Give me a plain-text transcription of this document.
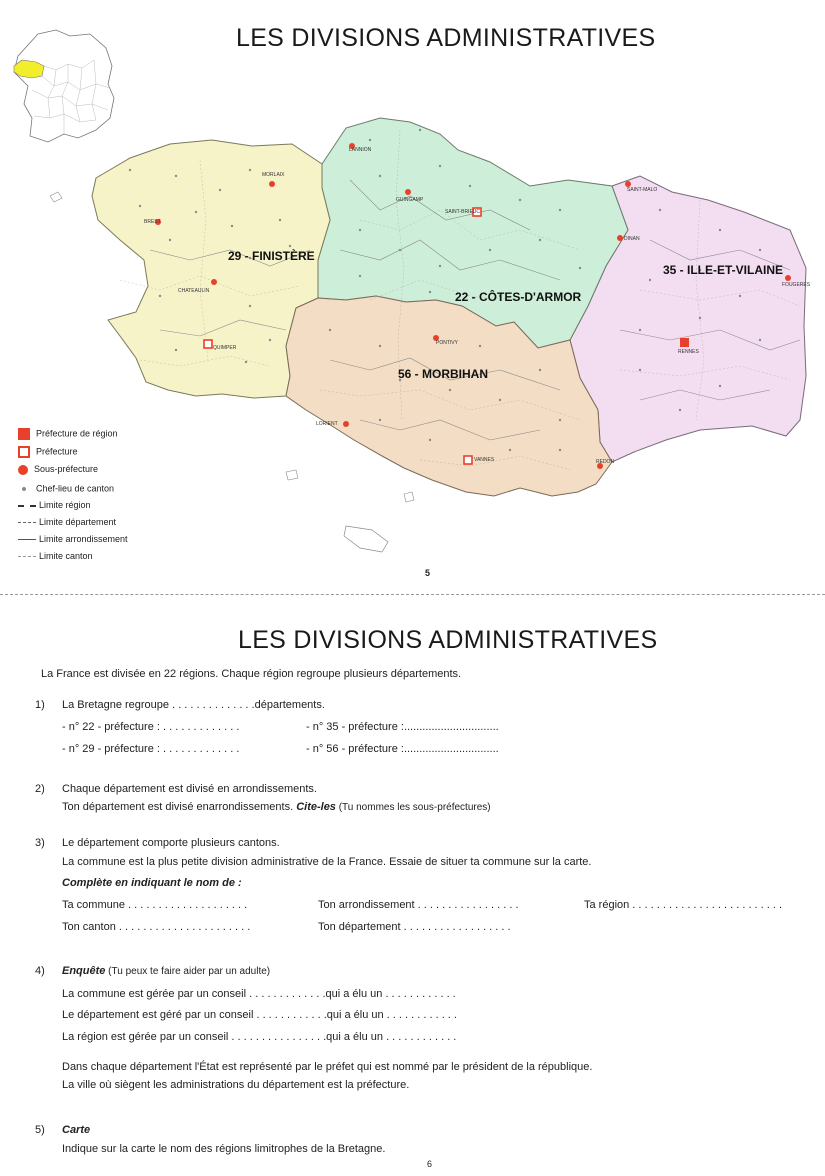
LES DIVISIONS ADMINISTRATIVES
29 - FINISTÈRE
22 - CÔTES-D'ARMOR
35 - ILLE-ET-VILAINE
56 - MORBIHAN
LANNION
MORLAIX
GUINGAMP
SAINT-BRIEUC
SAINT-MALO
DINAN
BREST
CHATEAULIN
QUIMPER
PONTIVY
LORIENT
VANNES
RENNES
FOUGERES
REDON
Préfecture de région
Préfecture
Sous-préfecture
Chef-lieu de canton
Limite région
Limite département
Limite arrondissement
Limite canton
5
LES DIVISIONS ADMINISTRATIVES
La France est divisée en 22 régions. Chaque région regroupe plusieurs départements.
1) La Bretagne regroupe . . . . . . . . . . . . . .départements.
- n° 22 - préfecture : . . . . . . . . . . . . .	- n° 35 - préfecture :...............................
- n° 29 - préfecture : . . . . . . . . . . . . .	- n° 56 - préfecture :...............................
2) Chaque département est divisé en arrondissements.
Ton département est divisé enarrondissements. Cite-les (Tu nommes les sous-préfectures)
3) Le département comporte plusieurs cantons.
La commune est la plus petite division administrative de la France. Essaie de situer ta commune sur la carte.
Complète en indiquant le nom de :
Ta commune . . . . . . . . . . . . . . . . . . . .	Ton arrondissement . . . . . . . . . . . . . . . . .	Ta région . . . . . . . . . . . . . . . . . . . . . . . . .
Ton canton . . . . . . . . . . . . . . . . . . . . . .	Ton département . . . . . . . . . . . . . . . . . .
4) Enquête (Tu peux te faire aider par un adulte)
La commune est gérée par un conseil . . . . . . . . . . . . .qui a élu un . . . . . . . . . . . .
Le département est géré par un conseil . . . . . . . . . . . .qui a élu un . . . . . . . . . . . .
La région est gérée par un conseil . . . . . . . . . . . . . . . .qui a élu un . . . . . . . . . . . .
Dans chaque département l'État est représenté par le préfet qui est nommé par le président de la république.
La ville où siègent les administrations du département est la préfecture.
5) Carte
Indique sur la carte le nom des régions limitrophes de la Bretagne.
6
